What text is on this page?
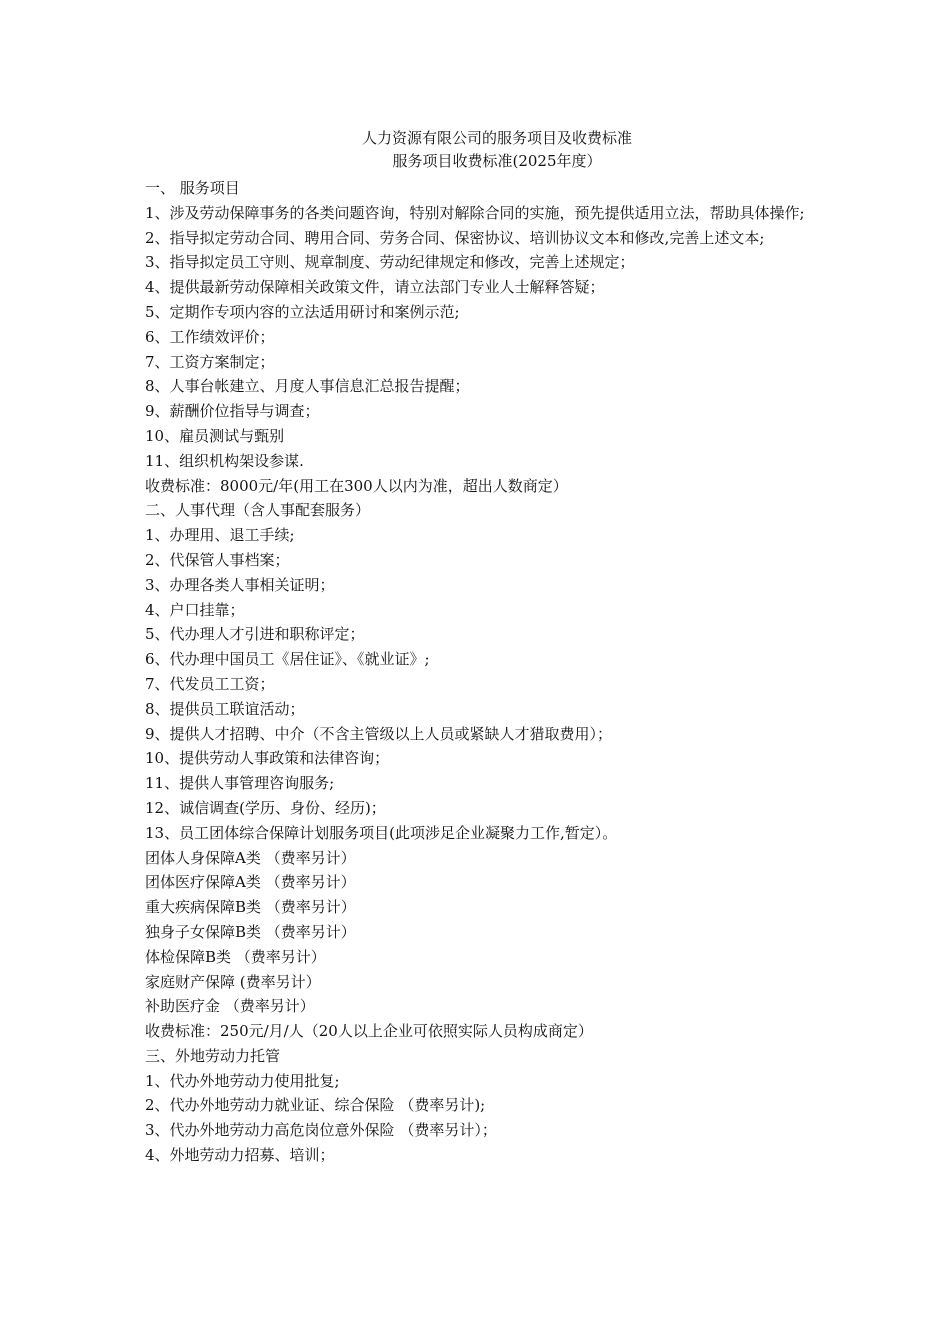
人力资源有限公司的服务项目及收费标准
服务项目收费标准(2025年度）
一、 服务项目
1、涉及劳动保障事务的各类问题咨询，特别对解除合同的实施，预先提供适用立法，帮助具体操作;
2、指导拟定劳动合同、聘用合同、劳务合同、保密协议、培训协议文本和修改,完善上述文本;
3、指导拟定员工守则、规章制度、劳动纪律规定和修改，完善上述规定；
4、提供最新劳动保障相关政策文件，请立法部门专业人士解释答疑；
5、定期作专项内容的立法适用研讨和案例示范;
6、工作绩效评价；
7、工资方案制定；
8、人事台帐建立、月度人事信息汇总报告提醒；
9、薪酬价位指导与调查；
10、雇员测试与甄别
11、组织机构架设参谋.
收费标准：8000元/年(用工在300人以内为准，超出人数商定）
二、人事代理（含人事配套服务）
1、办理用、退工手续;
2、代保管人事档案；
3、办理各类人事相关证明；
4、户口挂靠；
5、代办理人才引进和职称评定；
6、代办理中国员工《居住证》、《就业证》;
7、代发员工工资；
8、提供员工联谊活动；
9、提供人才招聘、中介（不含主管级以上人员或紧缺人才猎取费用）；
10、提供劳动人事政策和法律咨询；
11、提供人事管理咨询服务;
12、诚信调查(学历、身份、经历)；
13、员工团体综合保障计划服务项目(此项涉足企业凝聚力工作,暂定）。
团体人身保障A类 （费率另计）
团体医疗保障A类 （费率另计）
重大疾病保障B类 （费率另计）
独身子女保障B类 （费率另计）
体检保障B类 （费率另计）
家庭财产保障 (费率另计）
补助医疗金 （费率另计）
收费标准：250元/月/人（20人以上企业可依照实际人员构成商定）
三、外地劳动力托管
1、代办外地劳动力使用批复;
2、代办外地劳动力就业证、综合保险 （费率另计);
3、代办外地劳动力高危岗位意外保险 （费率另计）；
4、外地劳动力招募、培训；
